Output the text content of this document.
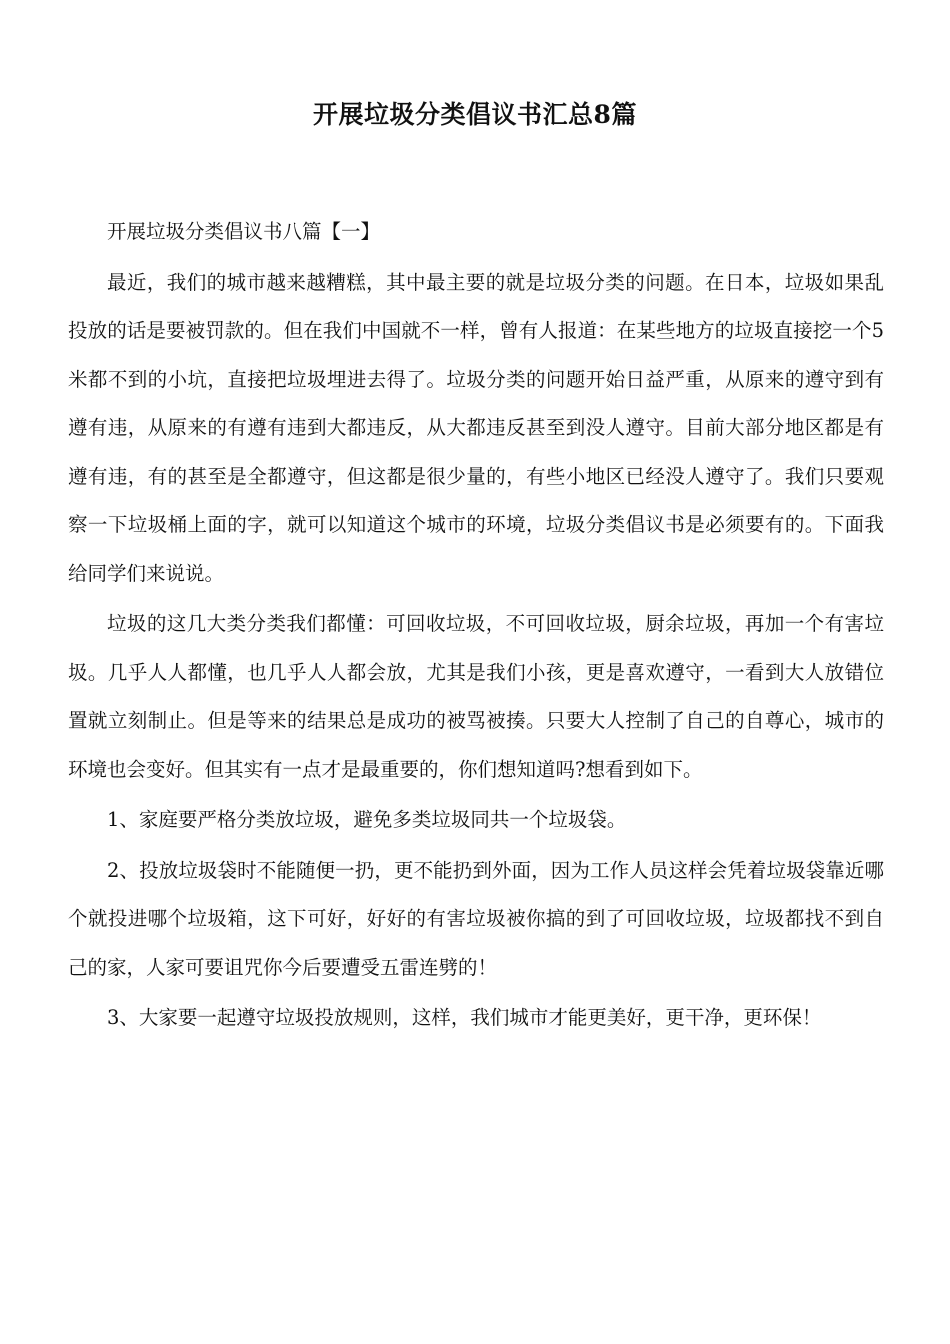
开展垃圾分类倡议书汇总8篇

开展垃圾分类倡议书八篇【一】

最近，我们的城市越来越糟糕，其中最主要的就是垃圾分类的问题。在日本，垃圾如果乱投放的话是要被罚款的。但在我们中国就不一样，曾有人报道：在某些地方的垃圾直接挖一个5米都不到的小坑，直接把垃圾埋进去得了。垃圾分类的问题开始日益严重，从原来的遵守到有遵有违，从原来的有遵有违到大都违反，从大都违反甚至到没人遵守。目前大部分地区都是有遵有违，有的甚至是全都遵守，但这都是很少量的，有些小地区已经没人遵守了。我们只要观察一下垃圾桶上面的字，就可以知道这个城市的环境，垃圾分类倡议书是必须要有的。下面我给同学们来说说。

垃圾的这几大类分类我们都懂：可回收垃圾，不可回收垃圾，厨余垃圾，再加一个有害垃圾。几乎人人都懂，也几乎人人都会放，尤其是我们小孩，更是喜欢遵守，一看到大人放错位置就立刻制止。但是等来的结果总是成功的被骂被揍。只要大人控制了自己的自尊心，城市的环境也会变好。但其实有一点才是最重要的，你们想知道吗?想看到如下。

1、家庭要严格分类放垃圾，避免多类垃圾同共一个垃圾袋。

2、投放垃圾袋时不能随便一扔，更不能扔到外面，因为工作人员这样会凭着垃圾袋靠近哪个就投进哪个垃圾箱，这下可好，好好的有害垃圾被你搞的到了可回收垃圾，垃圾都找不到自己的家，人家可要诅咒你今后要遭受五雷连劈的！

3、大家要一起遵守垃圾投放规则，这样，我们城市才能更美好，更干净，更环保！
